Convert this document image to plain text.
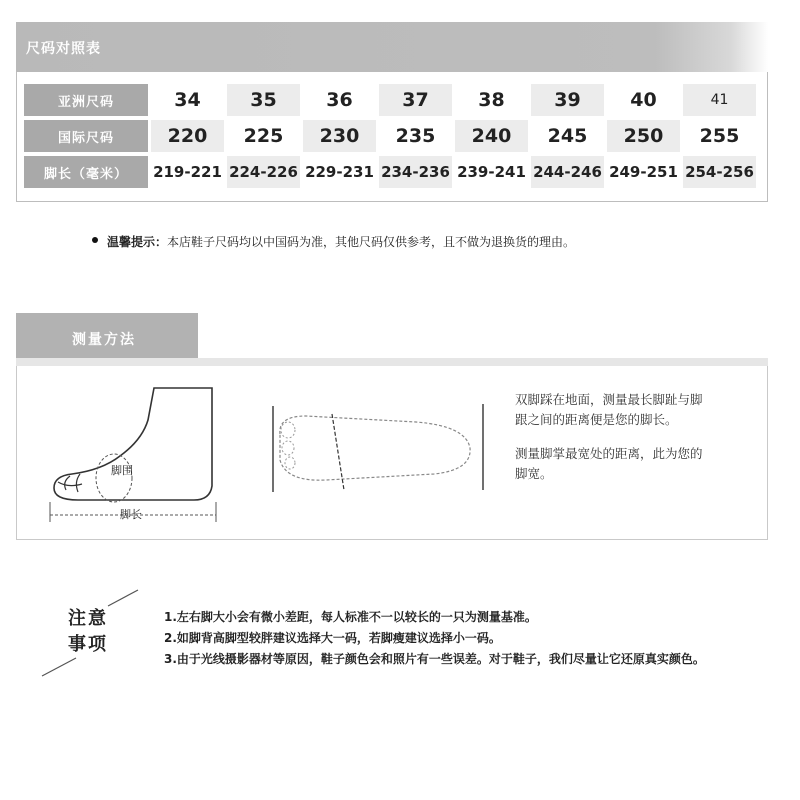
尺码对照表
亚洲尺码	34	35	36	37	38	39	40	41
国际尺码	220	225	230	235	240	245	250	255
脚长（毫米）	219-221	224-226	229-231	234-236	239-241	244-246	249-251	254-256
温馨提示：本店鞋子尺码均以中国码为准，其他尺码仅供参考，且不做为退换货的理由。
测量方法
脚围
脚长
双脚踩在地面，测量最长脚趾与脚
跟之间的距离便是您的脚长。
测量脚掌最宽处的距离，此为您的
脚宽。
注意
事项
1.左右脚大小会有微小差距，每人标准不一以较长的一只为测量基准。
2.如脚背高脚型较胖建议选择大一码，若脚瘦建议选择小一码。
3.由于光线摄影器材等原因，鞋子颜色会和照片有一些误差。对于鞋子，我们尽量让它还原真实颜色。
